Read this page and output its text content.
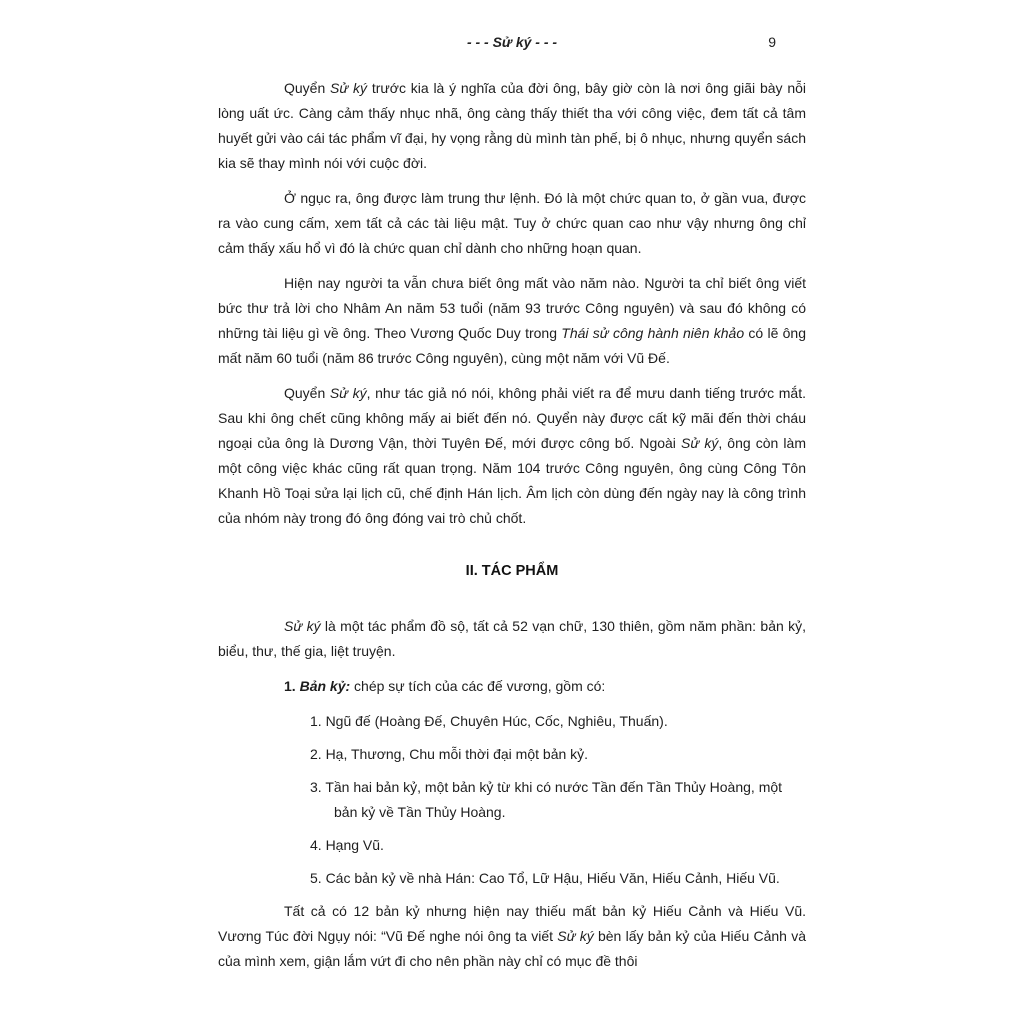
- - - Sử ký - - -	9

Quyển Sử ký trước kia là ý nghĩa của đời ông, bây giờ còn là nơi ông giãi bày nỗi lòng uất ức. Càng cảm thấy nhục nhã, ông càng thấy thiết tha với công việc, đem tất cả tâm huyết gửi vào cái tác phẩm vĩ đại, hy vọng rằng dù mình tàn phế, bị ô nhục, nhưng quyển sách kia sẽ thay mình nói với cuộc đời.

Ở ngục ra, ông được làm trung thư lệnh. Đó là một chức quan to, ở gần vua, được ra vào cung cấm, xem tất cả các tài liệu mật. Tuy ở chức quan cao như vậy nhưng ông chỉ cảm thấy xấu hổ vì đó là chức quan chỉ dành cho những hoạn quan.

Hiện nay người ta vẫn chưa biết ông mất vào năm nào. Người ta chỉ biết ông viết bức thư trả lời cho Nhâm An năm 53 tuổi (năm 93 trước Công nguyên) và sau đó không có những tài liệu gì về ông. Theo Vương Quốc Duy trong Thái sử công hành niên khảo có lẽ ông mất năm 60 tuổi (năm 86 trước Công nguyên), cùng một năm với Vũ Đế.

Quyển Sử ký, như tác giả nó nói, không phải viết ra để mưu danh tiếng trước mắt. Sau khi ông chết cũng không mấy ai biết đến nó. Quyển này được cất kỹ mãi đến thời cháu ngoại của ông là Dương Vận, thời Tuyên Đế, mới được công bố. Ngoài Sử ký, ông còn làm một công việc khác cũng rất quan trọng. Năm 104 trước Công nguyên, ông cùng Công Tôn Khanh Hồ Toại sửa lại lịch cũ, chế định Hán lịch. Âm lịch còn dùng đến ngày nay là công trình của nhóm này trong đó ông đóng vai trò chủ chốt.

II. TÁC PHẨM

Sử ký là một tác phẩm đồ sộ, tất cả 52 vạn chữ, 130 thiên, gồm năm phần: bản kỷ, biểu, thư, thế gia, liệt truyện.

1. Bản kỷ: chép sự tích của các đế vương, gồm có:

1. Ngũ đế (Hoàng Đế, Chuyên Húc, Cốc, Nghiêu, Thuấn).

2. Hạ, Thương, Chu mỗi thời đại một bản kỷ.

3. Tần hai bản kỷ, một bản kỷ từ khi có nước Tần đến Tần Thủy Hoàng, một bản kỷ về Tần Thủy Hoàng.

4. Hạng Vũ.

5. Các bản kỷ về nhà Hán: Cao Tổ, Lữ Hậu, Hiếu Văn, Hiếu Cảnh, Hiếu Vũ.

Tất cả có 12 bản kỷ nhưng hiện nay thiếu mất bản kỷ Hiếu Cảnh và Hiếu Vũ. Vương Túc đời Ngụy nói: “Vũ Đế nghe nói ông ta viết Sử ký bèn lấy bản kỷ của Hiếu Cảnh và của mình xem, giận lắm vứt đi cho nên phần này chỉ có mục đề thôi
